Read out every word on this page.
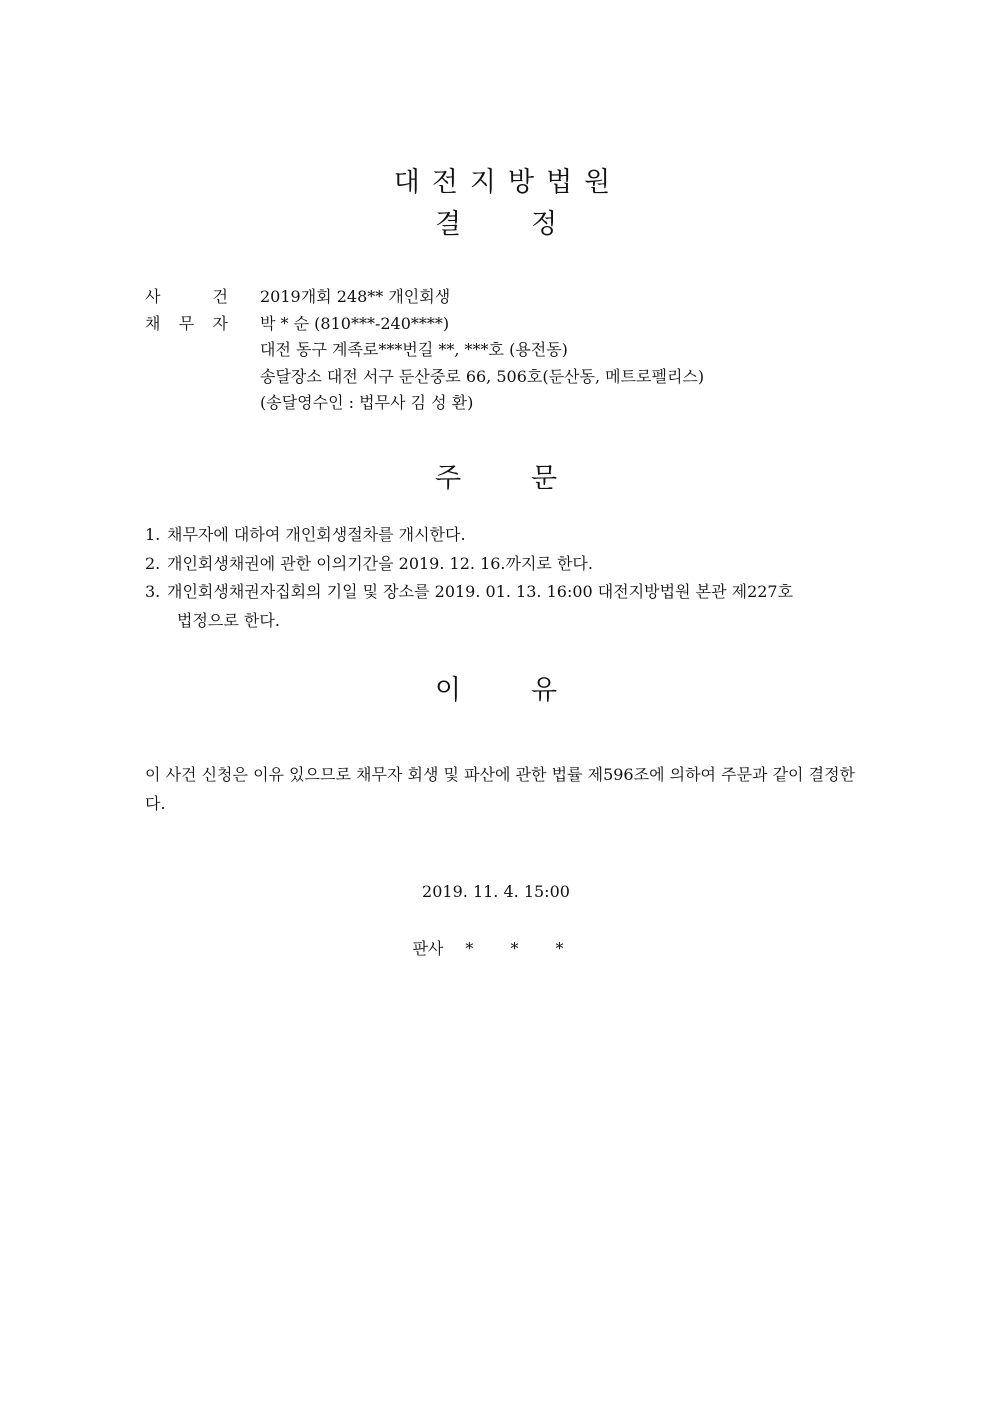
대전지방법원
결	정
사	건 2019개회 248** 개인회생
채 무 자 박 * 순 (810***-240****)
대전 동구 계족로***번길 **, ***호 (용전동)
송달장소 대전 서구 둔산중로 66, 506호(둔산동, 메트로펠리스)
(송달영수인 : 법무사 김 성 환)
주	문
1. 채무자에 대하여 개인회생절차를 개시한다.
2. 개인회생채권에 관한 이의기간을 2019. 12. 16.까지로 한다.
3. 개인회생채권자집회의 기일 및 장소를 2019. 01. 13. 16:00 대전지방법원 본관 제227호
법정으로 한다.
이	유
이 사건 신청은 이유 있으므로 채무자 회생 및 파산에 관한 법률 제596조에 의하여 주문과 같이 결정한다.
2019. 11. 4. 15:00
판사 * * *
